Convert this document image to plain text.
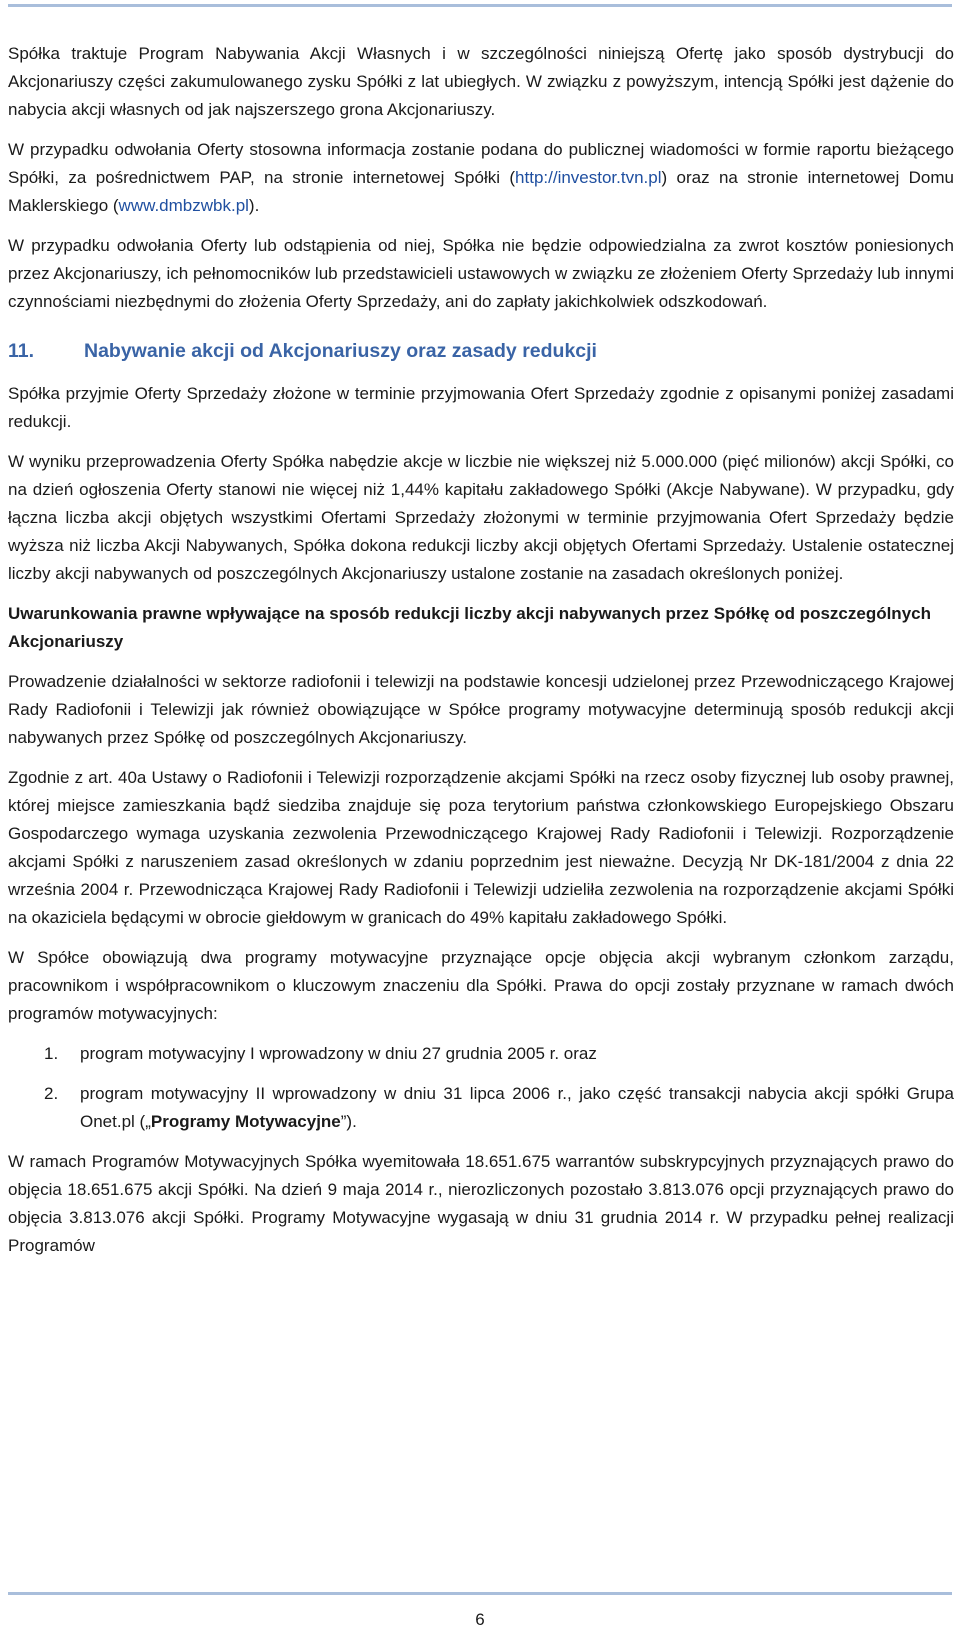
Spółka traktuje Program Nabywania Akcji Własnych i w szczególności niniejszą Ofertę jako sposób dystrybucji do Akcjonariuszy części zakumulowanego zysku Spółki z lat ubiegłych. W związku z powyższym, intencją Spółki jest dążenie do nabycia akcji własnych od jak najszerszego grona Akcjonariuszy.

W przypadku odwołania Oferty stosowna informacja zostanie podana do publicznej wiadomości w formie raportu bieżącego Spółki, za pośrednictwem PAP, na stronie internetowej Spółki (http://investor.tvn.pl) oraz na stronie internetowej Domu Maklerskiego (www.dmbzwbk.pl).

W przypadku odwołania Oferty lub odstąpienia od niej, Spółka nie będzie odpowiedzialna za zwrot kosztów poniesionych przez Akcjonariuszy, ich pełnomocników lub przedstawicieli ustawowych w związku ze złożeniem Oferty Sprzedaży lub innymi czynnościami niezbędnymi do złożenia Oferty Sprzedaży, ani do zapłaty jakichkolwiek odszkodowań.

11.	Nabywanie akcji od Akcjonariuszy oraz zasady redukcji

Spółka przyjmie Oferty Sprzedaży złożone w terminie przyjmowania Ofert Sprzedaży zgodnie z opisanymi poniżej zasadami redukcji.

W wyniku przeprowadzenia Oferty Spółka nabędzie akcje w liczbie nie większej niż 5.000.000 (pięć milionów) akcji Spółki, co na dzień ogłoszenia Oferty stanowi nie więcej niż 1,44% kapitału zakładowego Spółki (Akcje Nabywane). W przypadku, gdy łączna liczba akcji objętych wszystkimi Ofertami Sprzedaży złożonymi w terminie przyjmowania Ofert Sprzedaży będzie wyższa niż liczba Akcji Nabywanych, Spółka dokona redukcji liczby akcji objętych Ofertami Sprzedaży. Ustalenie ostatecznej liczby akcji nabywanych od poszczególnych Akcjonariuszy ustalone zostanie na zasadach określonych poniżej.

Uwarunkowania prawne wpływające na sposób redukcji liczby akcji nabywanych przez Spółkę od poszczególnych Akcjonariuszy

Prowadzenie działalności w sektorze radiofonii i telewizji na podstawie koncesji udzielonej przez Przewodniczącego Krajowej Rady Radiofonii i Telewizji jak również obowiązujące w Spółce programy motywacyjne determinują sposób redukcji akcji nabywanych przez Spółkę od poszczególnych Akcjonariuszy.

Zgodnie z art. 40a Ustawy o Radiofonii i Telewizji rozporządzenie akcjami Spółki na rzecz osoby fizycznej lub osoby prawnej, której miejsce zamieszkania bądź siedziba znajduje się poza terytorium państwa członkowskiego Europejskiego Obszaru Gospodarczego wymaga uzyskania zezwolenia Przewodniczącego Krajowej Rady Radiofonii i Telewizji. Rozporządzenie akcjami Spółki z naruszeniem zasad określonych w zdaniu poprzednim jest nieważne. Decyzją Nr DK-181/2004 z dnia 22 września 2004 r. Przewodnicząca Krajowej Rady Radiofonii i Telewizji udzieliła zezwolenia na rozporządzenie akcjami Spółki na okaziciela będącymi w obrocie giełdowym w granicach do 49% kapitału zakładowego Spółki.

W Spółce obowiązują dwa programy motywacyjne przyznające opcje objęcia akcji wybranym członkom zarządu, pracownikom i współpracownikom o kluczowym znaczeniu dla Spółki. Prawa do opcji zostały przyznane w ramach dwóch programów motywacyjnych:

1. program motywacyjny I wprowadzony w dniu 27 grudnia 2005 r. oraz
2. program motywacyjny II wprowadzony w dniu 31 lipca 2006 r., jako część transakcji nabycia akcji spółki Grupa Onet.pl („Programy Motywacyjne”).

W ramach Programów Motywacyjnych Spółka wyemitowała 18.651.675 warrantów subskrypcyjnych przyznających prawo do objęcia 18.651.675 akcji Spółki. Na dzień 9 maja 2014 r., nierozliczonych pozostało 3.813.076 opcji przyznających prawo do objęcia 3.813.076 akcji Spółki. Programy Motywacyjne wygasają w dniu 31 grudnia 2014 r. W przypadku pełnej realizacji Programów

6
